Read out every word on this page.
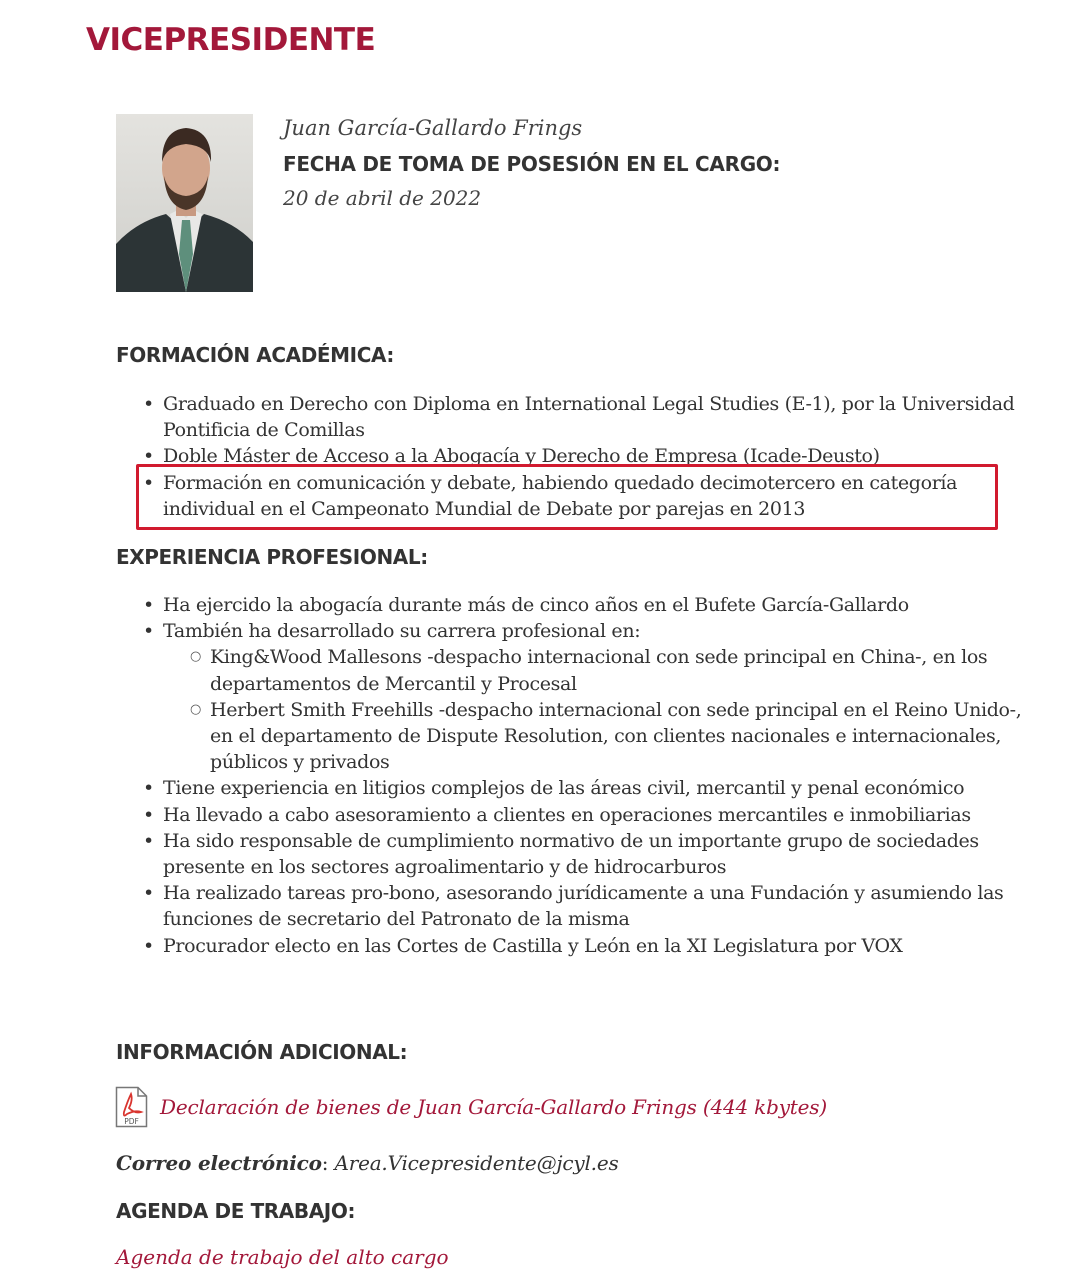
VICEPRESIDENTE
Juan García-Gallardo Frings
FECHA DE TOMA DE POSESIÓN EN EL CARGO:
20 de abril de 2022
FORMACIÓN ACADÉMICA:
• Graduado en Derecho con Diploma en International Legal Studies (E-1), por la Universidad Pontificia de Comillas
• Doble Máster de Acceso a la Abogacía y Derecho de Empresa (Icade-Deusto)
• Formación en comunicación y debate, habiendo quedado decimotercero en categoría individual en el Campeonato Mundial de Debate por parejas en 2013
EXPERIENCIA PROFESIONAL:
• Ha ejercido la abogacía durante más de cinco años en el Bufete García-Gallardo
• También ha desarrollado su carrera profesional en:
○ King&Wood Mallesons -despacho internacional con sede principal en China-, en los departamentos de Mercantil y Procesal
○ Herbert Smith Freehills -despacho internacional con sede principal en el Reino Unido-, en el departamento de Dispute Resolution, con clientes nacionales e internacionales, públicos y privados
• Tiene experiencia en litigios complejos de las áreas civil, mercantil y penal económico
• Ha llevado a cabo asesoramiento a clientes en operaciones mercantiles e inmobiliarias
• Ha sido responsable de cumplimiento normativo de un importante grupo de sociedades presente en los sectores agroalimentario y de hidrocarburos
• Ha realizado tareas pro-bono, asesorando jurídicamente a una Fundación y asumiendo las funciones de secretario del Patronato de la misma
• Procurador electo en las Cortes de Castilla y León en la XI Legislatura por VOX
INFORMACIÓN ADICIONAL:
PDF
Declaración de bienes de Juan García-Gallardo Frings (444 kbytes)
Correo electrónico: Area.Vicepresidente@jcyl.es
AGENDA DE TRABAJO:
Agenda de trabajo del alto cargo
